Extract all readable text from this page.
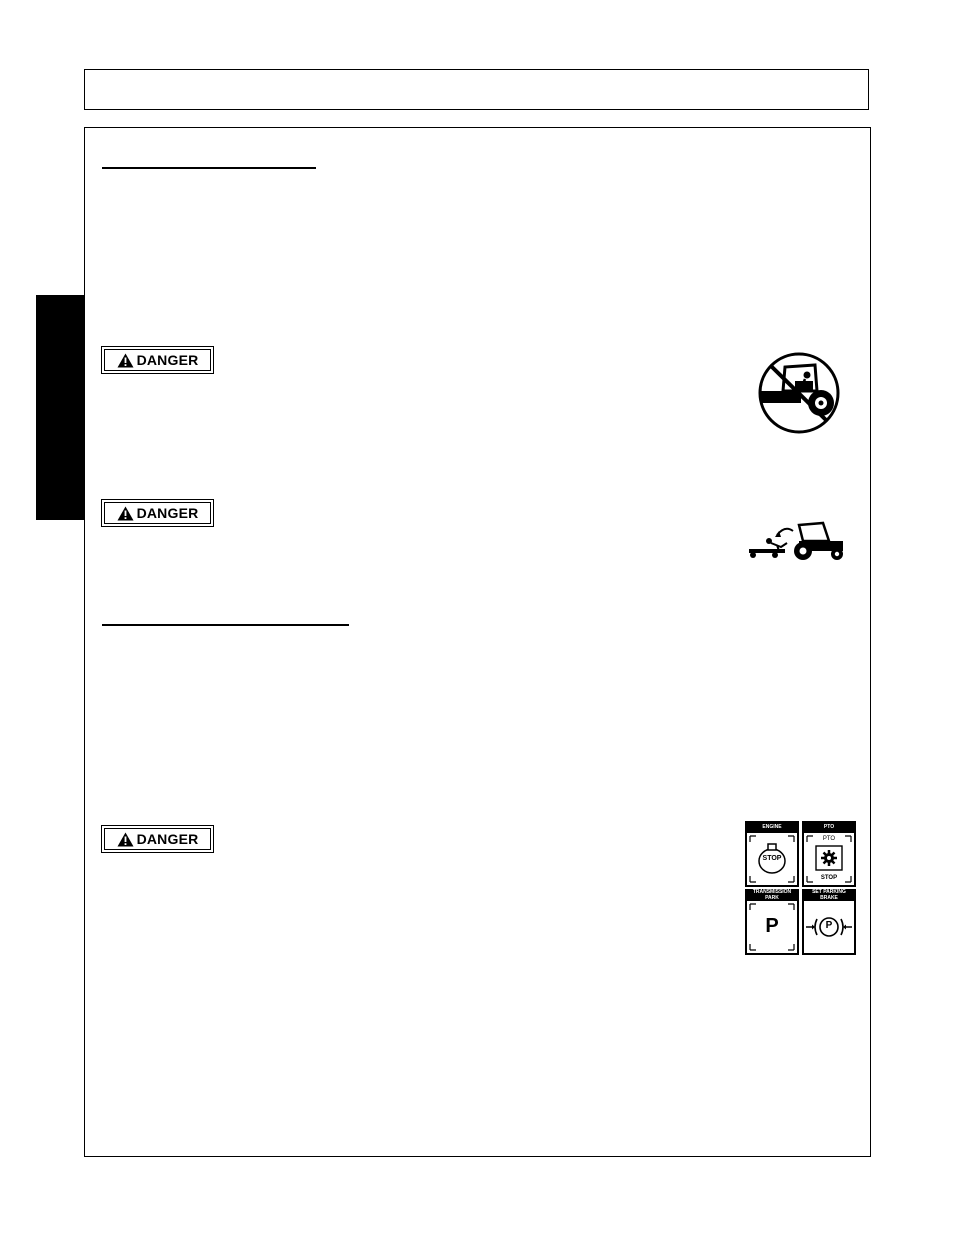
DANGER
DANGER
DANGER
ENGINE
STOP
PTO
PTO
STOP
TRANSMISSION
PARK
P
SET PARKING
BRAKE
P
